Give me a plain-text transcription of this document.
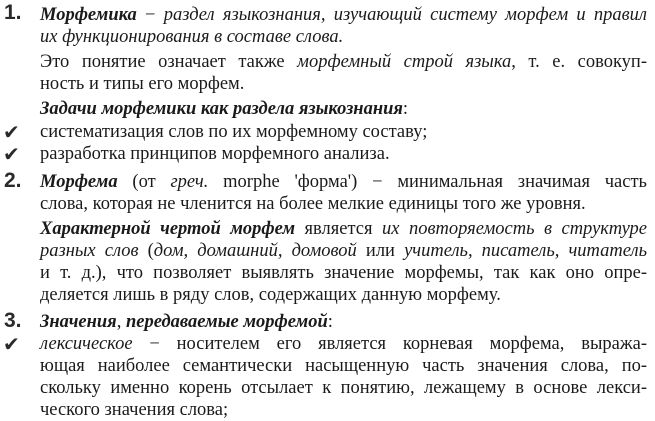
1. Морфемика − раздел языкознания, изучающий систему морфем и правил
их функционирования в составе слова.
Это понятие означает также морфемный строй языка, т. е. совокуп-
ность и типы его морфем.
Задачи морфемики как раздела языкознания:
✔ систематизация слов по их морфемному составу;
✔ разработка принципов морфемного анализа.
2. Морфема (от греч. morphe 'форма') − минимальная значимая часть
слова, которая не членится на более мелкие единицы того же уровня.
Характерной чертой морфем является их повторяемость в структуре
разных слов (дом, домашний, домовой или учитель, писатель, читатель
и т. д.), что позволяет выявлять значение морфемы, так как оно опре-
деляется лишь в ряду слов, содержащих данную морфему.
3. Значения, передаваемые морфемой:
✔ лексическое − носителем его является корневая морфема, выража-
ющая наиболее семантически насыщенную часть значения слова, по-
скольку именно корень отсылает к понятию, лежащему в основе лекси-
ческого значения слова;
